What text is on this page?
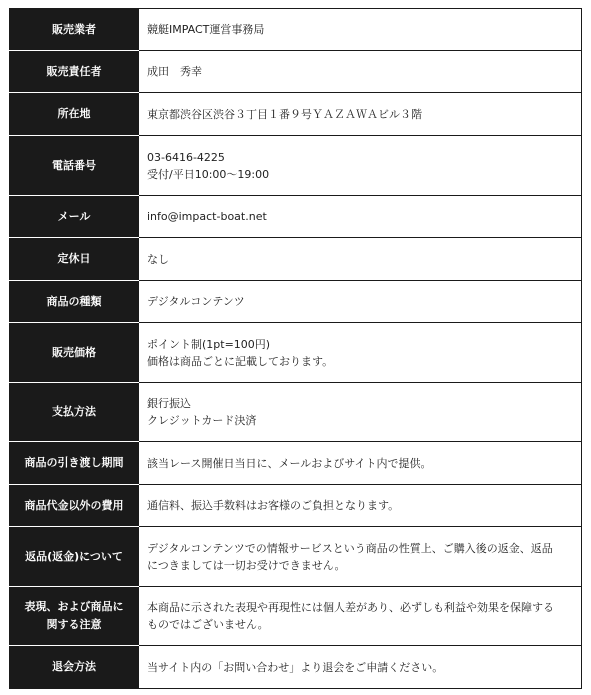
販売業者	競艇IMPACT運営事務局

販売責任者	成田　秀幸

所在地	東京都渋谷区渋谷３丁目１番９号ＹＡＺＡＷＡビル３階

電話番号	03-6416-4225
受付/平日10:00〜19:00

メール	info@impact-boat.net

定休日	なし

商品の種類	デジタルコンテンツ

販売価格	ポイント制(1pt=100円)
価格は商品ごとに記載しております。

支払方法	銀行振込
クレジットカード決済

商品の引き渡し期間	該当レース開催日当日に、メールおよびサイト内で提供。

商品代金以外の費用	通信料、振込手数料はお客様のご負担となります。

返品(返金)について	デジタルコンテンツでの情報サービスという商品の性質上、ご購入後の返金、返品
につきましては一切お受けできません。

表現、および商品に
関する注意	本商品に示された表現や再現性には個人差があり、必ずしも利益や効果を保障する
ものではございません。

退会方法	当サイト内の「お問い合わせ」より退会をご申請ください。
